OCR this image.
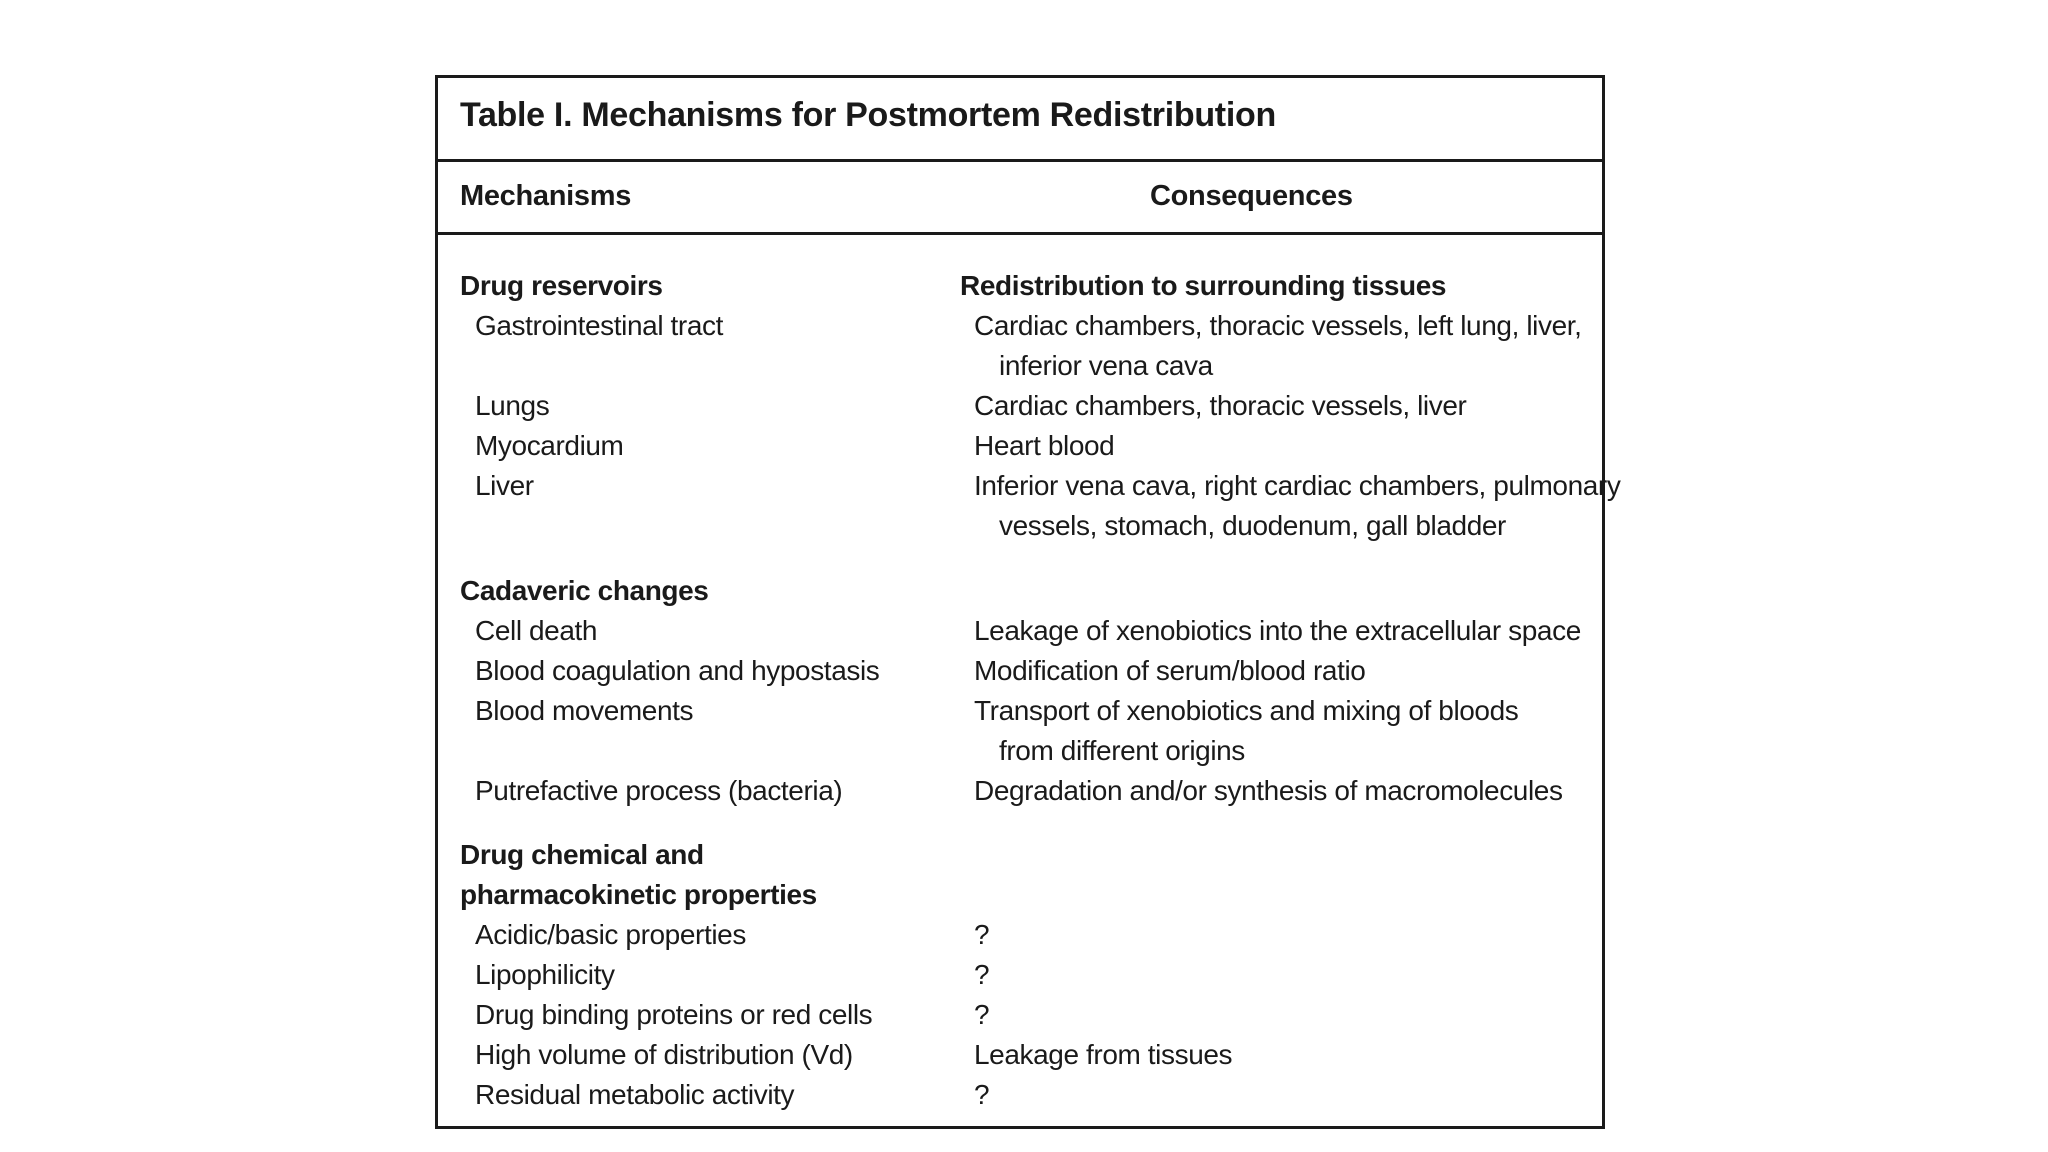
Table I. Mechanisms for Postmortem Redistribution
Mechanisms	Consequences
Drug reservoirs	Redistribution to surrounding tissues
Gastrointestinal tract	Cardiac chambers, thoracic vessels, left lung, liver,
inferior vena cava
Lungs	Cardiac chambers, thoracic vessels, liver
Myocardium	Heart blood
Liver	Inferior vena cava, right cardiac chambers, pulmonary
vessels, stomach, duodenum, gall bladder
Cadaveric changes
Cell death	Leakage of xenobiotics into the extracellular space
Blood coagulation and hypostasis	Modification of serum/blood ratio
Blood movements	Transport of xenobiotics and mixing of bloods
from different origins
Putrefactive process (bacteria)	Degradation and/or synthesis of macromolecules
Drug chemical and
pharmacokinetic properties
Acidic/basic properties	?
Lipophilicity	?
Drug binding proteins or red cells	?
High volume of distribution (Vd)	Leakage from tissues
Residual metabolic activity	?
